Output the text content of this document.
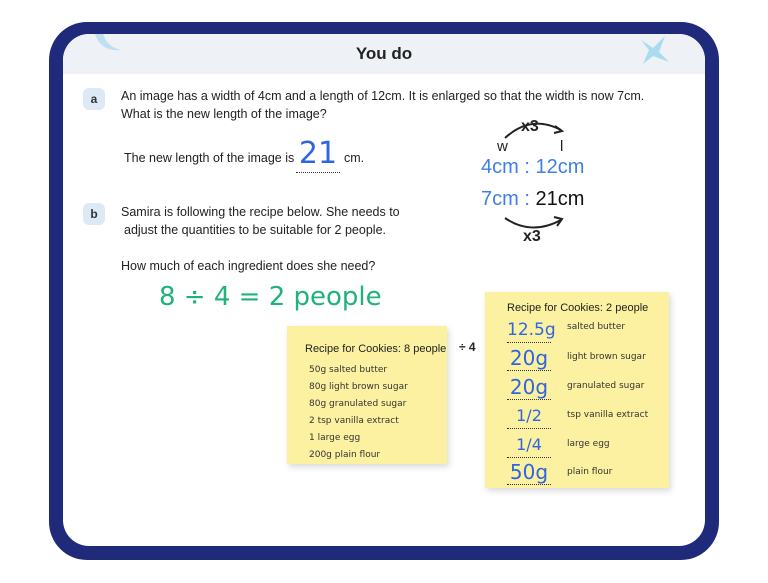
You do
a	An image has a width of 4cm and a length of 12cm. It is enlarged so that the width is now 7cm.
What is the new length of the image?
The new length of the image is 21 cm.
w	l
x3
4cm : 12cm
7cm : 21cm
x3
b	Samira is following the recipe below. She needs to
adjust the quantities to be suitable for 2 people.
How much of each ingredient does she need?
8 ÷ 4 = 2 people
Recipe for Cookies: 8 people
50g salted butter
80g light brown sugar
80g granulated sugar
2 tsp vanilla extract
1 large egg
200g plain flour
÷ 4
Recipe for Cookies: 2 people
12.5g salted butter
20g	light brown sugar
20g	granulated sugar
1/2	tsp vanilla extract
1/4	large egg
50g	plain flour
